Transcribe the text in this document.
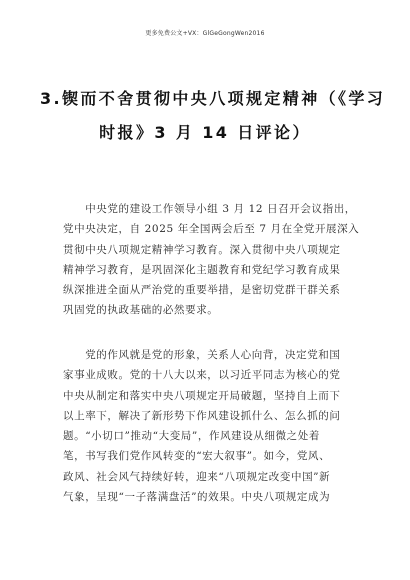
更多免费公文+VX：GlGeGongWen2016
3.锲而不舍贯彻中央八项规定精神（《学习
时报》3 月 14 日评论）
　　中央党的建设工作领导小组 3 月 12 日召开会议指出，
党中央决定，自 2025 年全国两会后至 7 月在全党开展深入
贯彻中央八项规定精神学习教育。深入贯彻中央八项规定
精神学习教育，是巩固深化主题教育和党纪学习教育成果
纵深推进全面从严治党的重要举措，是密切党群干群关系
巩固党的执政基础的必然要求。
　　党的作风就是党的形象，关系人心向背，决定党和国
家事业成败。党的十八大以来，以习近平同志为核心的党
中央从制定和落实中央八项规定开局破题，坚持自上而下
以上率下，解决了新形势下作风建设抓什么、怎么抓的问
题。“小切口”推动“大变局”，作风建设从细微之处着
笔，书写我们党作风转变的“宏大叙事”。如今，党风、
政风、社会风气持续好转，迎来“八项规定改变中国”新
气象，呈现“一子落满盘活”的效果。中央八项规定成为
